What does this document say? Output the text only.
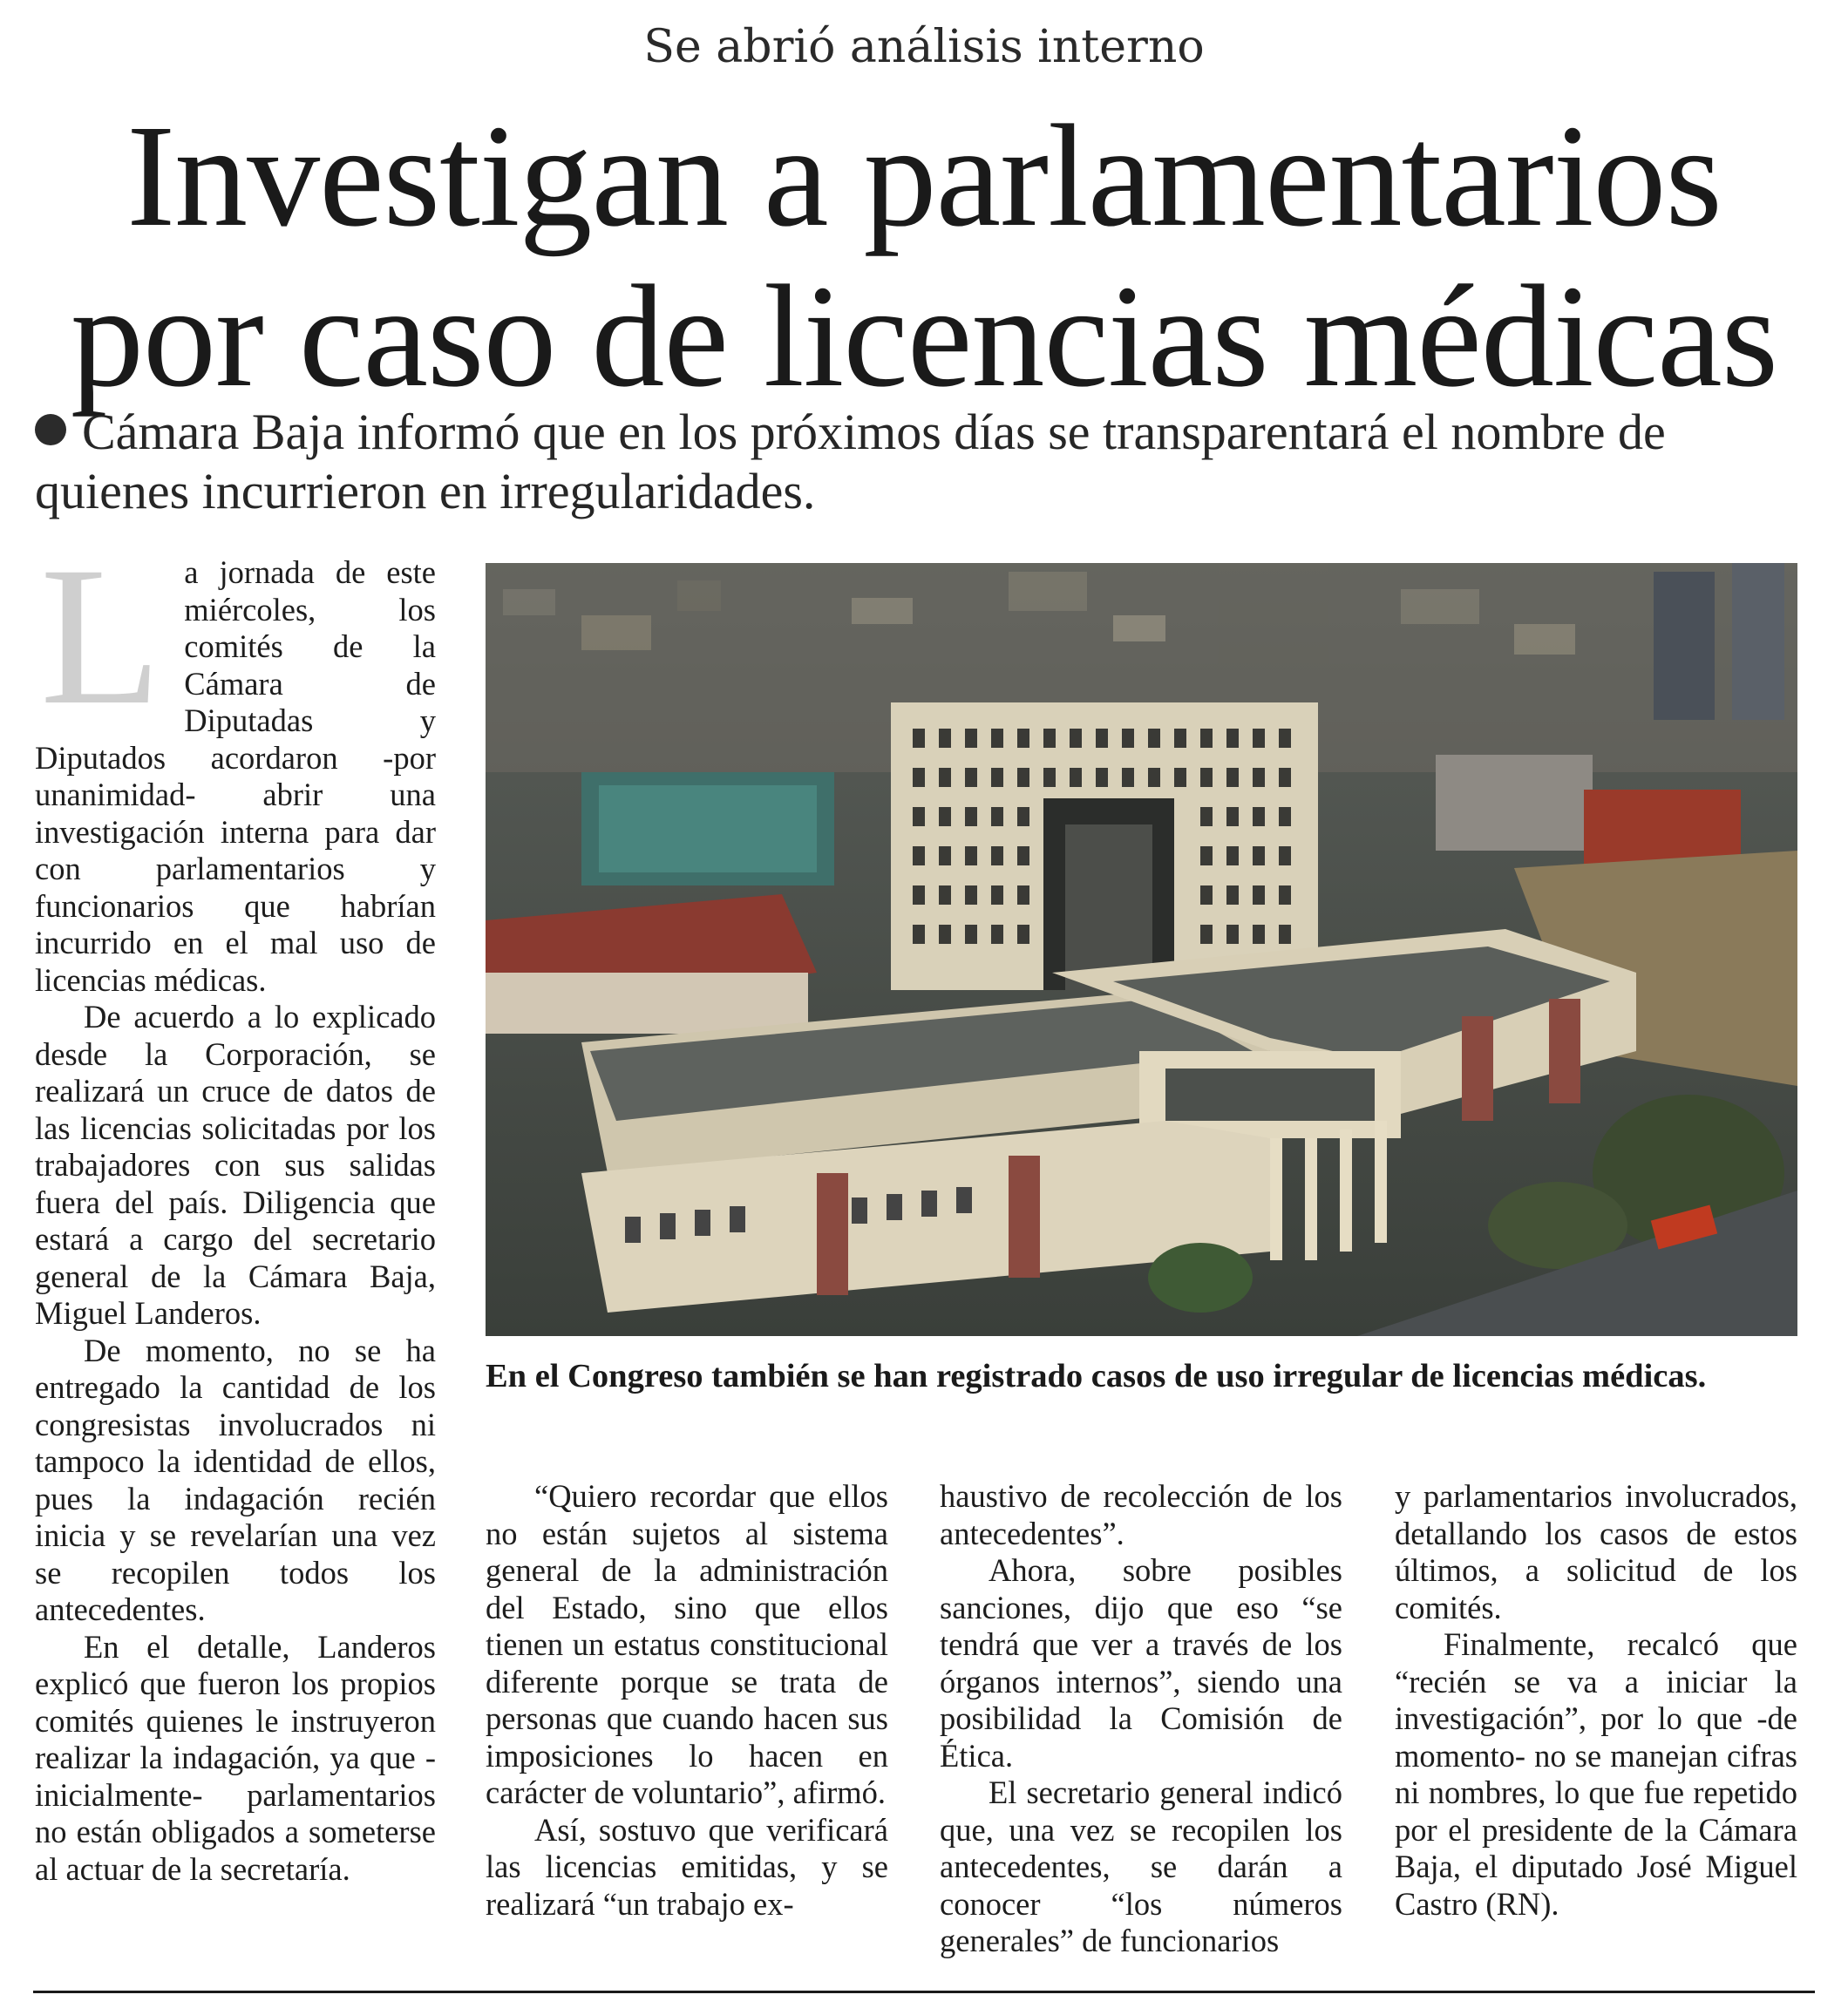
Se abrió análisis interno
Investigan a parlamentarios
por caso de licencias médicas
Cámara Baja informó que en los próximos días se transparentará el nombre de quienes incurrieron en irregularidades.

La jornada de este miércoles, los comités de la Cámara de Diputadas y Diputados acordaron -por unanimidad- abrir una investigación interna para dar con parlamentarios y funcionarios que habrían incurrido en el mal uso de licencias médicas.

De acuerdo a lo explicado desde la Corporación, se realizará un cruce de datos de las licencias solicitadas por los trabajadores con sus salidas fuera del país. Diligencia que estará a cargo del secretario general de la Cámara Baja, Miguel Landeros.

De momento, no se ha entregado la cantidad de los congresistas involucrados ni tampoco la identidad de ellos, pues la indagación recién inicia y se revelarían una vez se recopilen todos los antecedentes.

En el detalle, Landeros explicó que fueron los propios comités quienes le instruyeron realizar la indagación, ya que -inicialmente- parlamentarios no están obligados a someterse al actuar de la secretaría.

En el Congreso también se han registrado casos de uso irregular de licencias médicas.

“Quiero recordar que ellos no están sujetos al sistema general de la administración del Estado, sino que ellos tienen un estatus constitucional diferente porque se trata de personas que cuando hacen sus imposiciones lo hacen en carácter de voluntario”, afirmó.

Así, sostuvo que verificará las licencias emitidas, y se realizará “un trabajo ex-

haustivo de recolección de los antecedentes”.

Ahora, sobre posibles sanciones, dijo que eso “se tendrá que ver a través de los órganos internos”, siendo una posibilidad la Comisión de Ética.

El secretario general indicó que, una vez se recopilen los antecedentes, se darán a conocer “los números generales” de funcionarios

y parlamentarios involucrados, detallando los casos de estos últimos, a solicitud de los comités.

Finalmente, recalcó que “recién se va a iniciar la investigación”, por lo que -de momento- no se manejan cifras ni nombres, lo que fue repetido por el presidente de la Cámara Baja, el diputado José Miguel Castro (RN).
